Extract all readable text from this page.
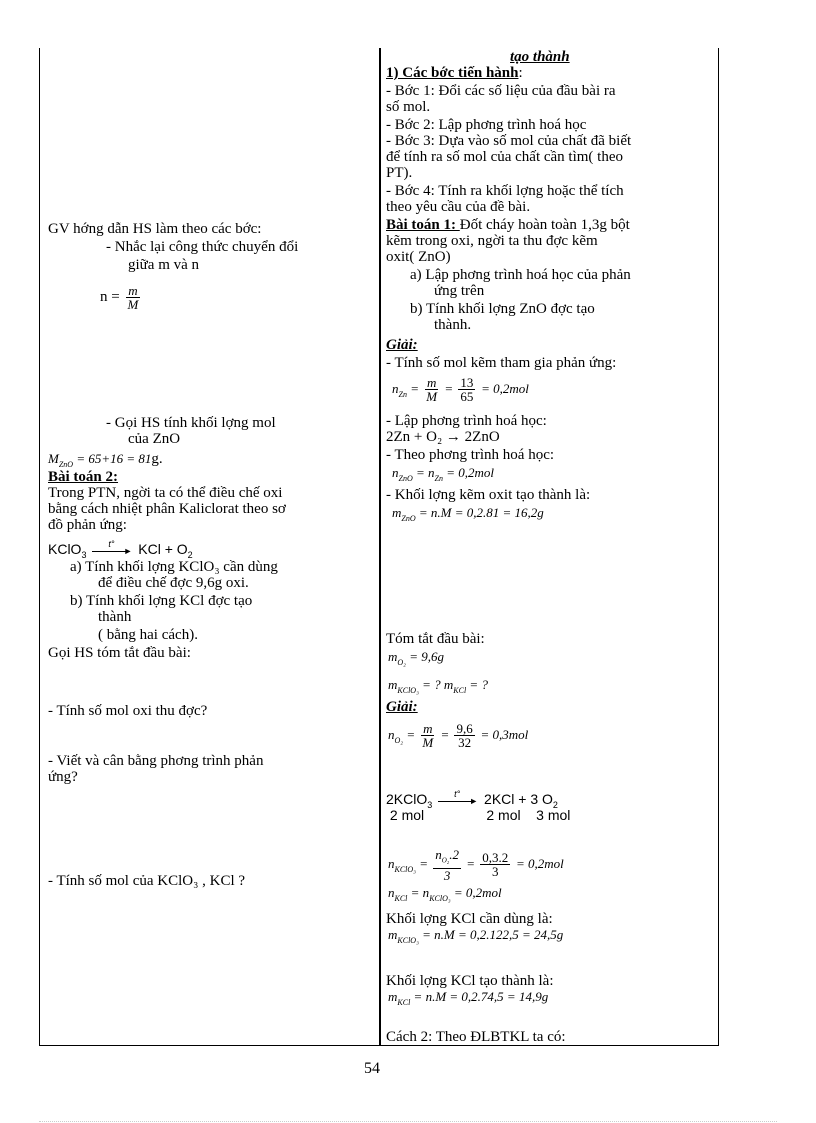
GV hớng dẫn HS làm theo các bớc:
- Nhắc lại công thức chuyển đổi
giữa m và n
$n = \frac{m}{M}$
- Gọi HS tính khối lợng mol
của ZnO
$M_{ZnO} = 65+16 = 81g$.
Bài toán 2:
Trong PTN, ngời ta có thể điều chế oxi
bằng cách nhiệt phân Kaliclorat theo sơ
đồ phản ứng:
KClO$_3$
t°
► KCl + $O_2$
a) Tính khối lợng KClO₃ cần dùng
để điều chế đợc 9,6g oxi.
b) Tính khối lợng KCl đợc tạo
thành
( bằng hai cách).
Gọi HS tóm tắt đầu bài:
- Tính số mol oxi thu đợc?
- Viết và cân bằng phơng trình phản
ứng?
- Tính số mol của KClO₃ , KCl ?
tạo thành
1) Các bớc tiến hành:
- Bớc 1: Đổi các số liệu của đầu bài ra
số mol.
- Bớc 2: Lập phơng trình hoá học
- Bớc 3: Dựa vào số mol của chất đã biết
để tính ra số mol của chất cần tìm( theo
PT).
- Bớc 4: Tính ra khối lợng hoặc thể tích
theo yêu cầu của đề bài.
Bài toán 1: Đốt cháy hoàn toàn 1,3g bột
kẽm trong oxi, ngời ta thu đợc kẽm
oxit( ZnO)
a) Lập phơng trình hoá học của phản
ứng trên
b) Tính khối lợng ZnO đợc tạo
thành.
Giải:
- Tính số mol kẽm tham gia phản ứng:
$n_{Zn} = \frac{m}{M} = \frac{13}{65} = 0,2mol$
- Lập phơng trình hoá học:
2Zn + O₂ → 2ZnO
- Theo phơng trình hoá học:
$n_{ZnO} = n_{Zn} = 0,2mol$
- Khối lợng kẽm oxit tạo thành là:
$m_{ZnO} = n.M = 0,2.81 = 16,2g$
Tóm tắt đầu bài:
$m_{O_2} = 9,6g$
$m_{KClO_3}$ = ? $m_{KCl}$ = ?
Giải:
$n_{O_2} = \frac{m}{M} = \frac{9,6}{32} = 0,3mol$
2KClO$_3$
t°
► 2KCl + 3 $O_2$
2 mol                2 mol    3 mol
$n_{KClO_3} = \frac{n_{O_2}.2}{3} = \frac{0,3.2}{3} = 0,2mol$
$n_{KCl} = n_{KClO_3} = 0,2mol$
Khối lợng KCl cần dùng là:
$m_{KClO_3} = n.M = 0,2.122,5 = 24,5g$
Khối lợng KCl tạo thành là:
$m_{KCl} = n.M = 0,2.74,5 = 14,9g$
Cách 2: Theo ĐLBTKL ta có:
54
